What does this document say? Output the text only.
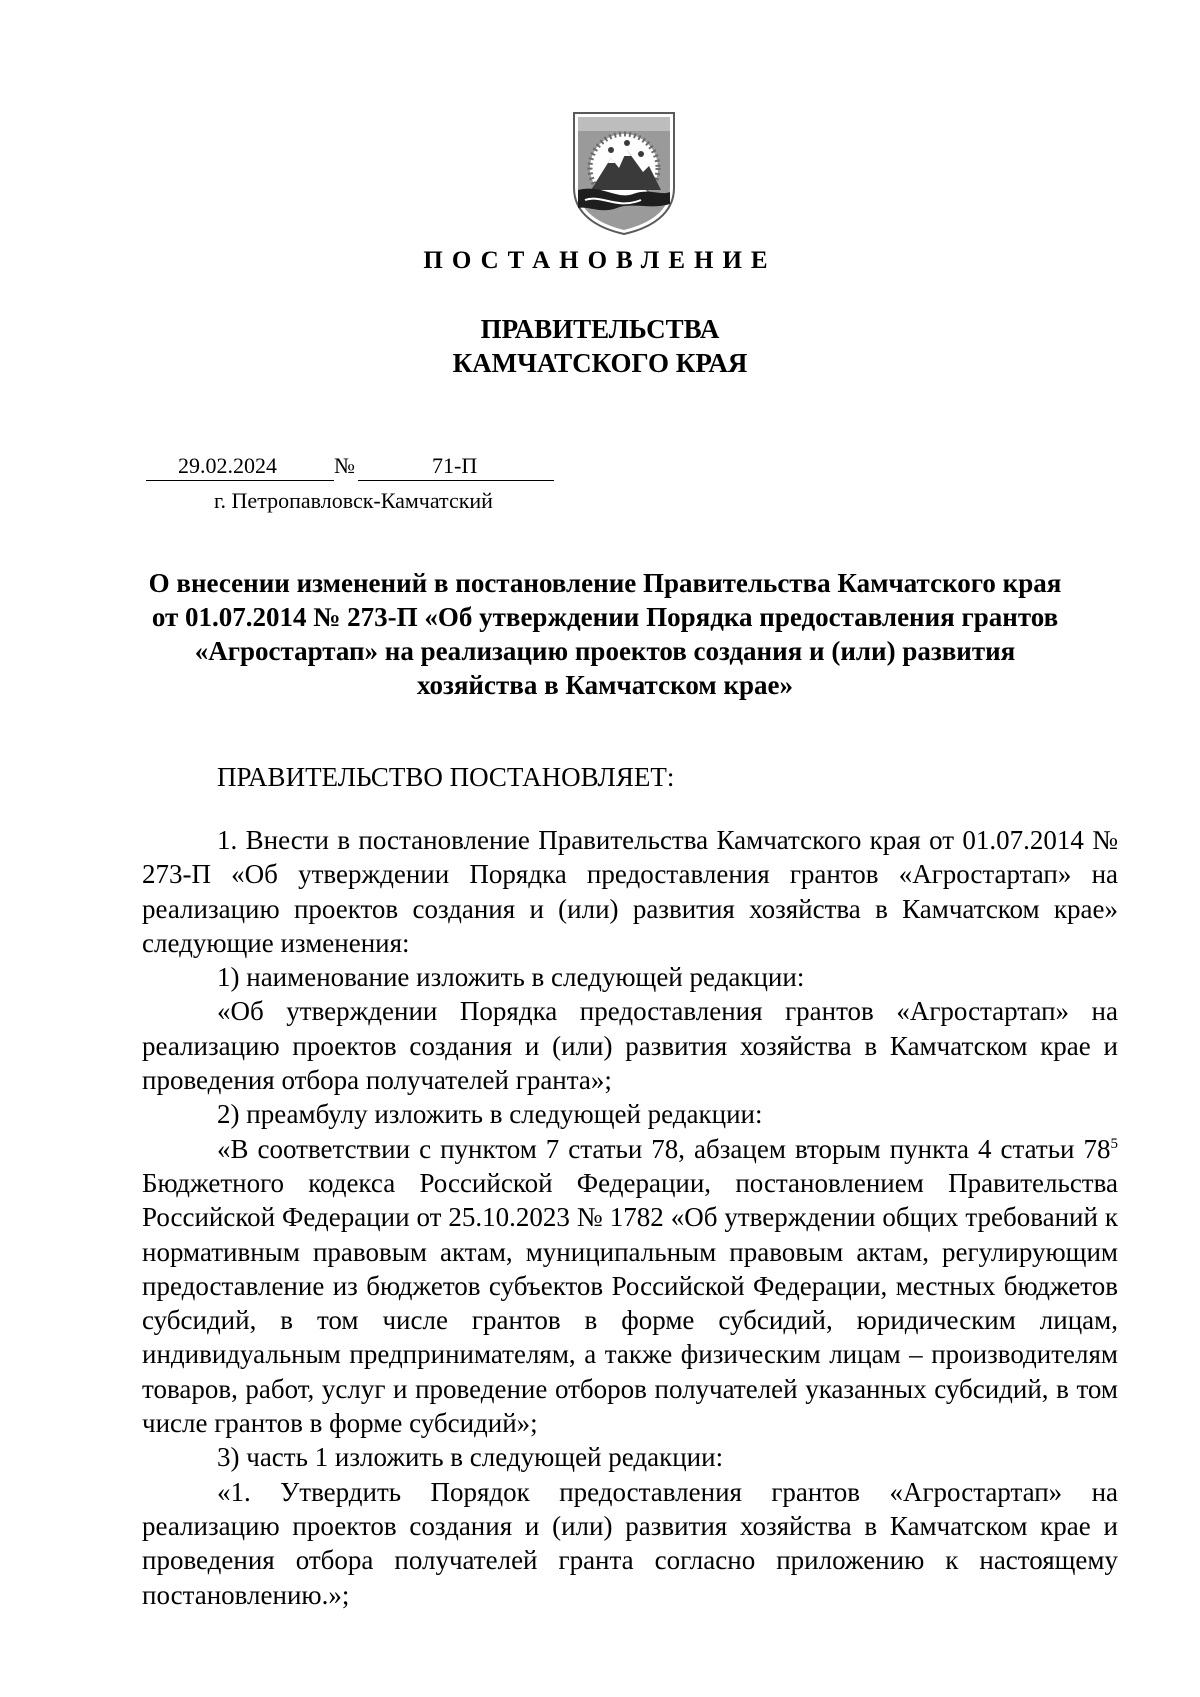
ПОСТАНОВЛЕНИЕ
ПРАВИТЕЛЬСТВА
КАМЧАТСКОГО КРАЯ
29.02.2024	№	71-П
г. Петропавловск-Камчатский
О внесении изменений в постановление Правительства Камчатского края
от 01.07.2014 № 273-П «Об утверждении Порядка предоставления грантов
«Агростартап» на реализацию проектов создания и (или) развития
хозяйства в Камчатском крае»
ПРАВИТЕЛЬСТВО ПОСТАНОВЛЯЕТ:

1. Внести в постановление Правительства Камчатского края от 01.07.2014 № 273-П «Об утверждении Порядка предоставления грантов «Агростартап» на реализацию проектов создания и (или) развития хозяйства в Камчатском крае» следующие изменения:

1) наименование изложить в следующей редакции:

«Об утверждении Порядка предоставления грантов «Агростартап» на реализацию проектов создания и (или) развития хозяйства в Камчатском крае и проведения отбора получателей гранта»;

2) преамбулу изложить в следующей редакции:

«В соответствии с пунктом 7 статьи 78, абзацем вторым пункта 4 статьи $78^5$ Бюджетного кодекса Российской Федерации, постановлением Правительства Российской Федерации от 25.10.2023 № 1782 «Об утверждении общих требований к нормативным правовым актам, муниципальным правовым актам, регулирующим предоставление из бюджетов субъектов Российской Федерации, местных бюджетов субсидий, в том числе грантов в форме субсидий, юридическим лицам, индивидуальным предпринимателям, а также физическим лицам – производителям товаров, работ, услуг и проведение отборов получателей указанных субсидий, в том числе грантов в форме субсидий»;

3) часть 1 изложить в следующей редакции:

«1. Утвердить Порядок предоставления грантов «Агростартап» на реализацию проектов создания и (или) развития хозяйства в Камчатском крае и проведения отбора получателей гранта согласно приложению к настоящему постановлению.»;
